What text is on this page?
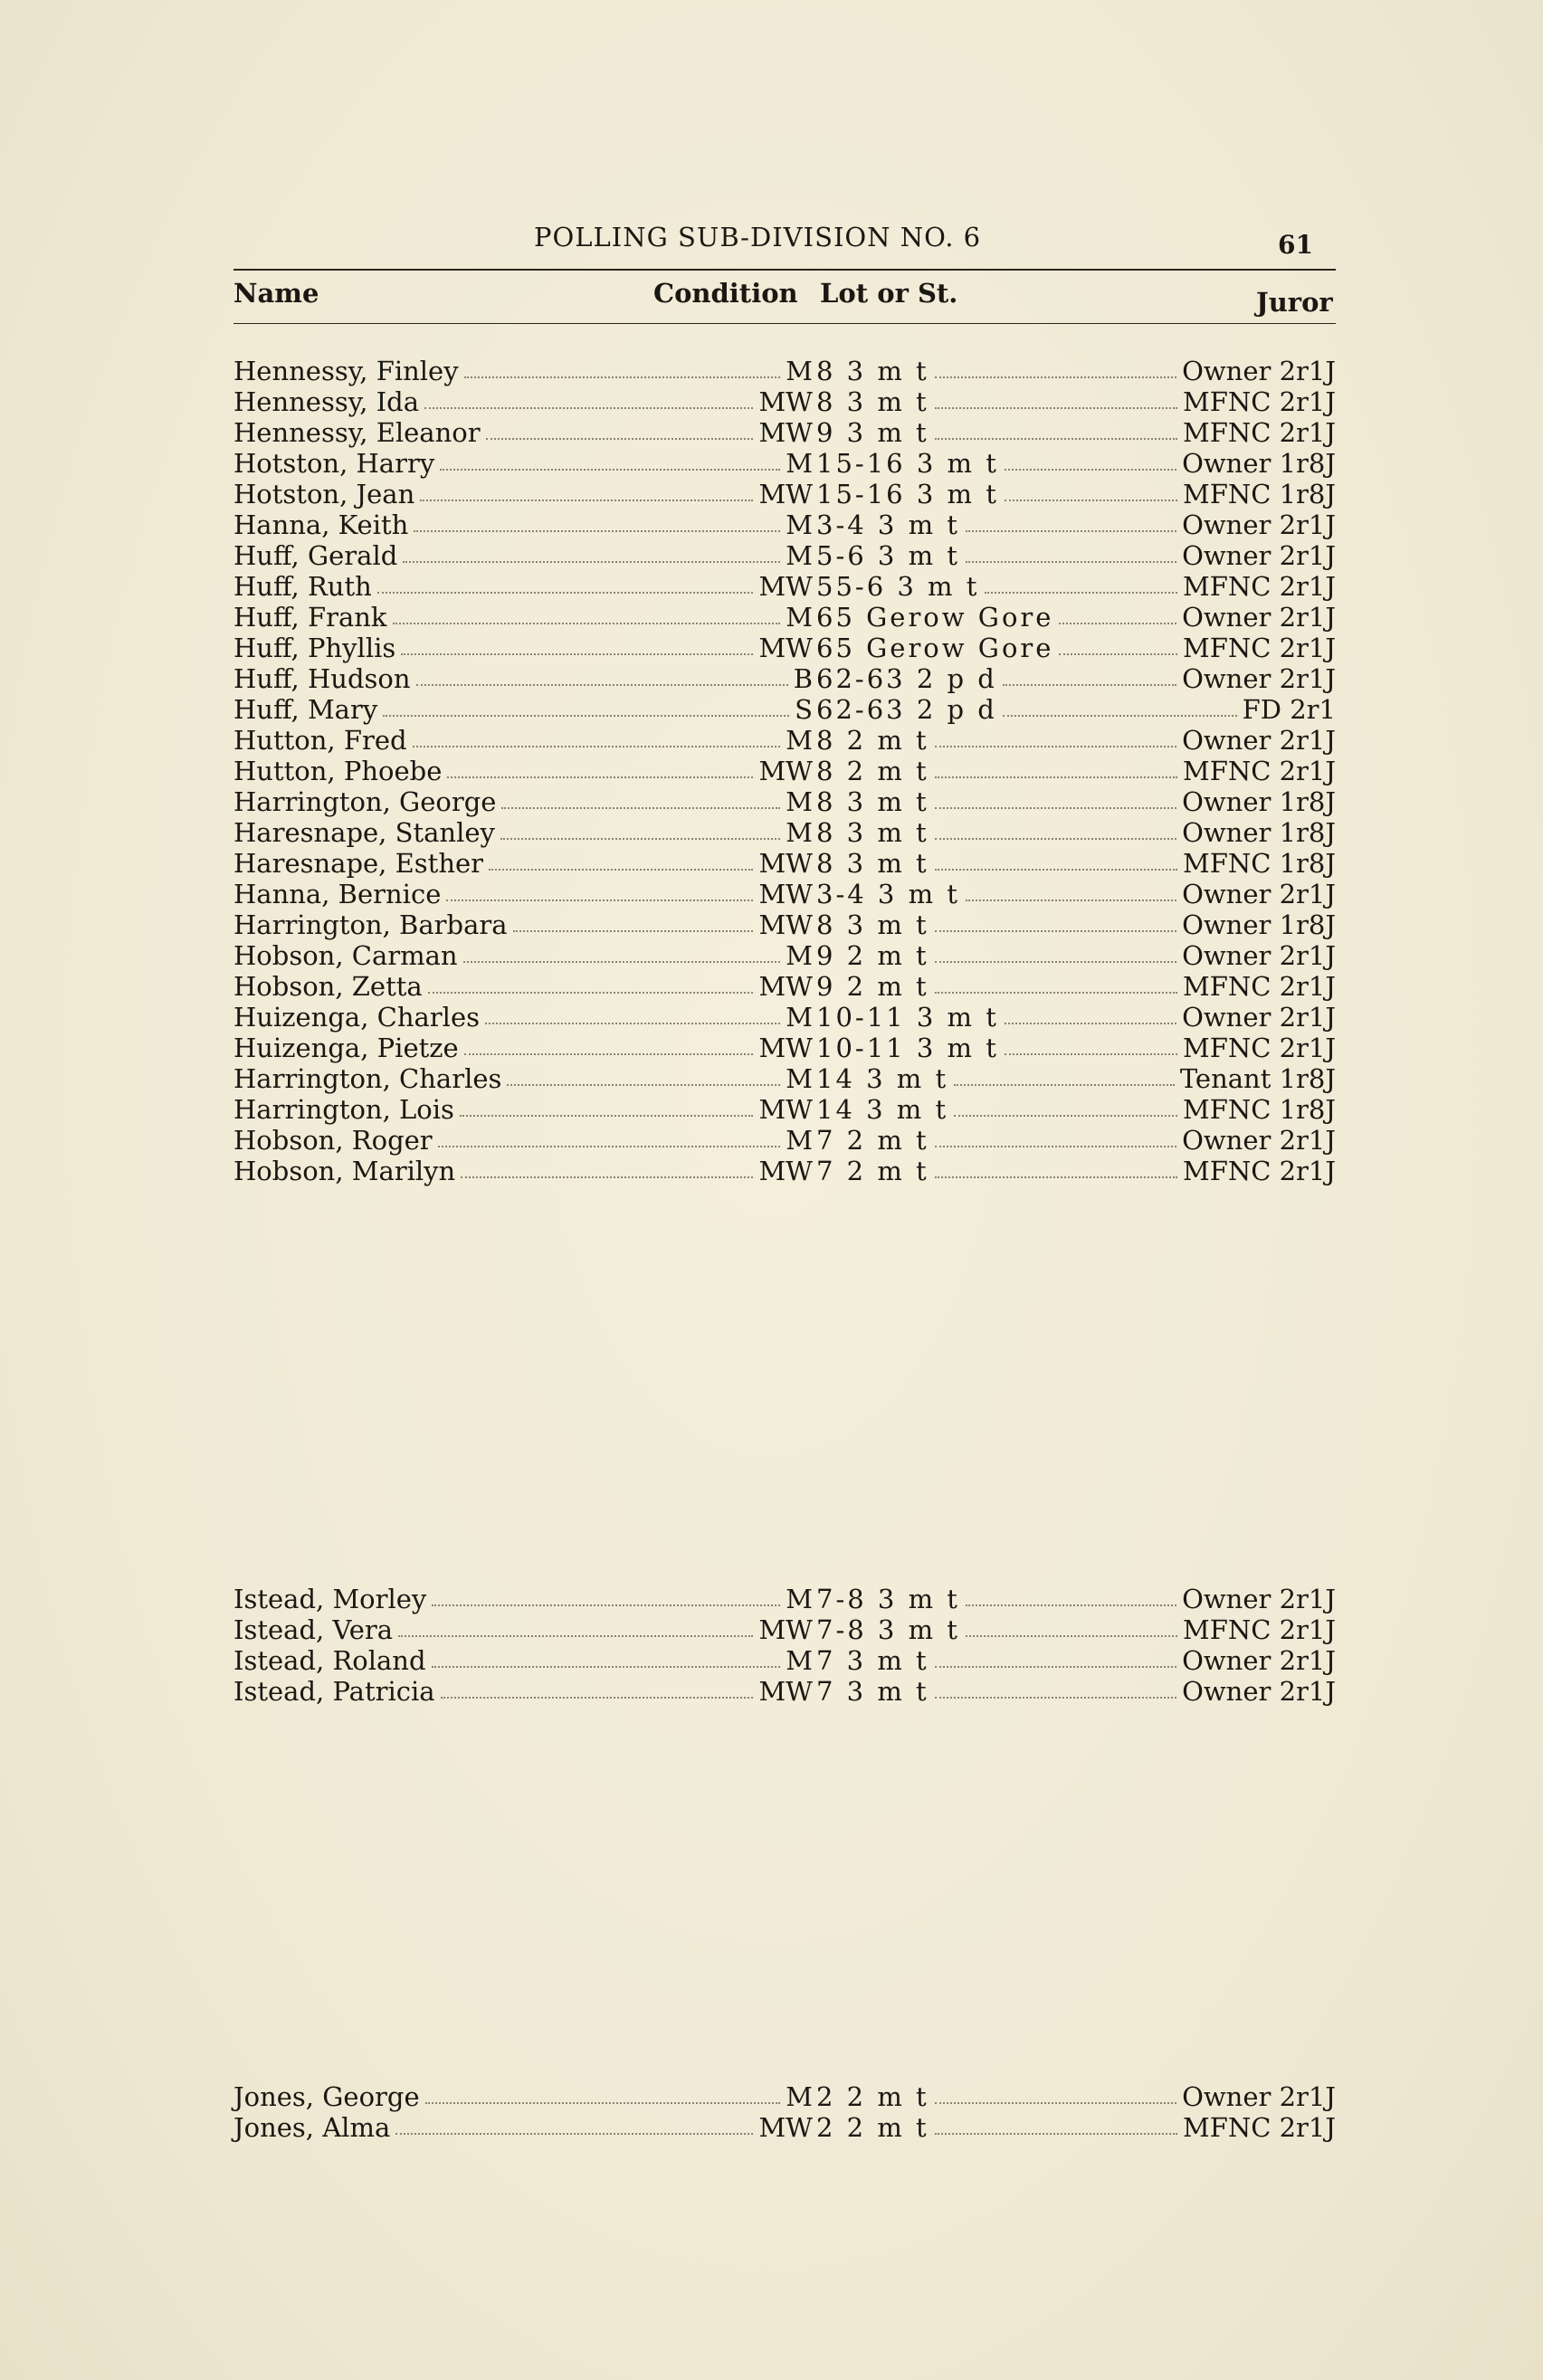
POLLING SUB-DIVISION NO. 6	61
Name	Condition Lot or St.	Juror
Hennessy, Finley	M 8 3 m t	Owner 2r1J
Hennessy, Ida	MW 8 3 m t	MFNC 2r1J
Hennessy, Eleanor	MW 9 3 m t	MFNC 2r1J
Hotston, Harry	M 15-16 3 m t	Owner 1r8J
Hotston, Jean	MW 15-16 3 m t	MFNC 1r8J
Hanna, Keith	M 3-4 3 m t	Owner 2r1J
Huff, Gerald	M 5-6 3 m t	Owner 2r1J
Huff, Ruth	MW 55-6 3 m t	MFNC 2r1J
Huff, Frank	M 65 Gerow Gore	Owner 2r1J
Huff, Phyllis	MW 65 Gerow Gore	MFNC 2r1J
Huff, Hudson	B 62-63 2 p d	Owner 2r1J
Huff, Mary	S 62-63 2 p d	FD 2r1
Hutton, Fred	M 8 2 m t	Owner 2r1J
Hutton, Phoebe	MW 8 2 m t	MFNC 2r1J
Harrington, George	M 8 3 m t	Owner 1r8J
Haresnape, Stanley	M 8 3 m t	Owner 1r8J
Haresnape, Esther	MW 8 3 m t	MFNC 1r8J
Hanna, Bernice	MW 3-4 3 m t	Owner 2r1J
Harrington, Barbara	MW 8 3 m t	Owner 1r8J
Hobson, Carman	M 9 2 m t	Owner 2r1J
Hobson, Zetta	MW 9 2 m t	MFNC 2r1J
Huizenga, Charles	M 10-11 3 m t	Owner 2r1J
Huizenga, Pietze	MW 10-11 3 m t	MFNC 2r1J
Harrington, Charles	M 14 3 m t	Tenant 1r8J
Harrington, Lois	MW 14 3 m t	MFNC 1r8J
Hobson, Roger	M 7 2 m t	Owner 2r1J
Hobson, Marilyn	MW 7 2 m t	MFNC 2r1J
Istead, Morley	M 7-8 3 m t	Owner 2r1J
Istead, Vera	MW 7-8 3 m t	MFNC 2r1J
Istead, Roland	M 7 3 m t	Owner 2r1J
Istead, Patricia	MW 7 3 m t	Owner 2r1J
Jones, George	M 2 2 m t	Owner 2r1J
Jones, Alma	MW 2 2 m t	MFNC 2r1J
